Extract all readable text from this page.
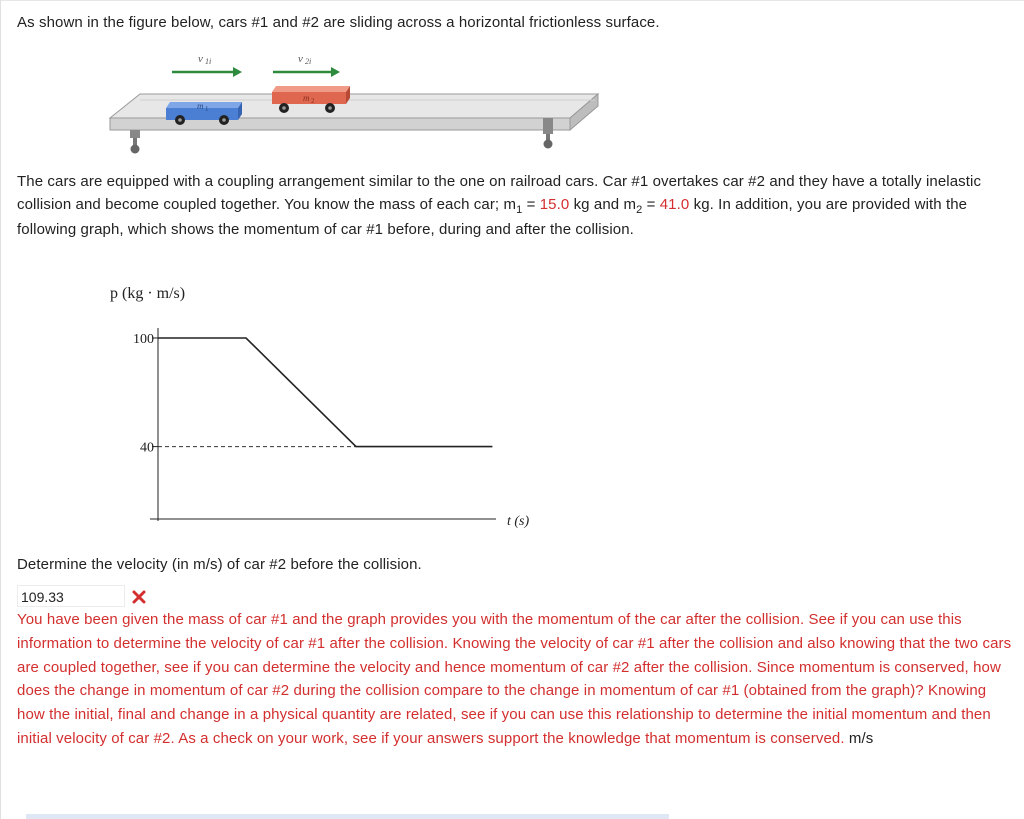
As shown in the figure below, cars #1 and #2 are sliding across a horizontal frictionless surface.

v 1i	v 2i
m 1
m 2

The cars are equipped with a coupling arrangement similar to the one on railroad cars. Car #1 overtakes car #2 and they have a totally inelastic collision and become coupled together. You know the mass of each car; $m_1 = 15.0$ kg and $m_2 = 41.0$ kg. In addition, you are provided with the following graph, which shows the momentum of car #1 before, during and after the collision.

p (kg · m/s)
t (s)
100
40

Determine the velocity (in m/s) of car #2 before the collision.

109.33

You have been given the mass of car #1 and the graph provides you with the momentum of the car after the collision. See if you can use this information to determine the velocity of car #1 after the collision. Knowing the velocity of car #1 after the collision and also knowing that the two cars are coupled together, see if you can determine the velocity and hence momentum of car #2 after the collision. Since momentum is conserved, how does the change in momentum of car #2 during the collision compare to the change in momentum of car #1 (obtained from the graph)? Knowing how the initial, final and change in a physical quantity are related, see if you can use this relationship to determine the initial momentum and then initial velocity of car #2. As a check on your work, see if your answers support the knowledge that momentum is conserved. m/s
